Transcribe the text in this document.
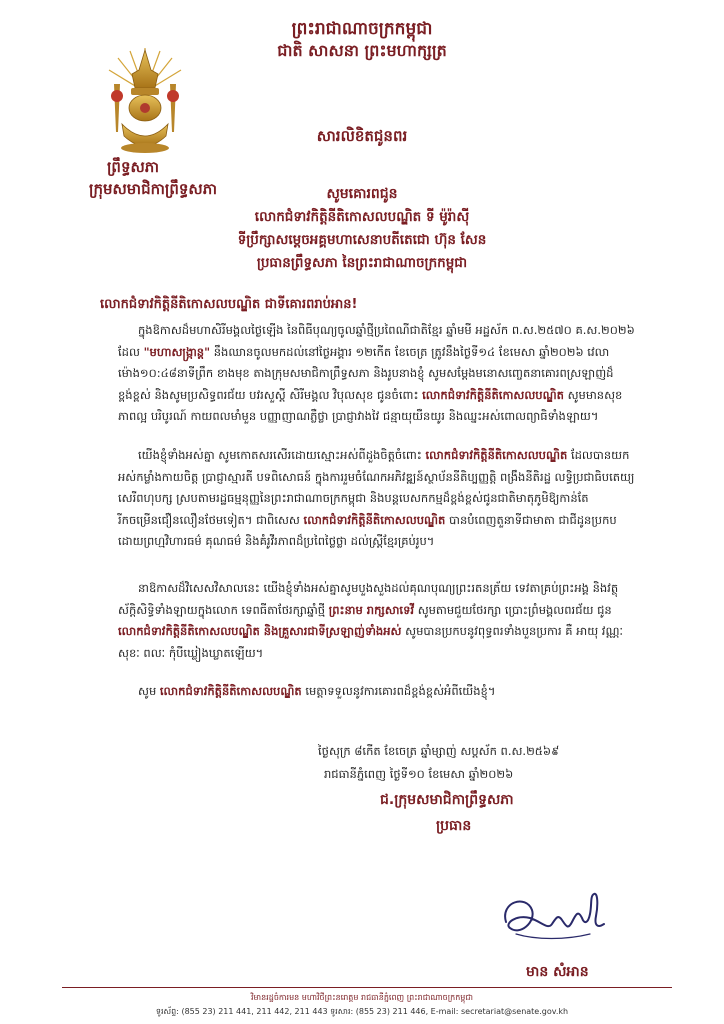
ព្រះរាជាណាចក្រកម្ពុជា
ជាតិ សាសនា ព្រះមហាក្សត្រ
ព្រឹទ្ធសភា
ក្រុមសមាជិកាព្រឹទ្ធសភា
សារលិខិតជូនពរ
សូមគោរពជូន
លោកជំទាវកិត្តិនីតិកោសលបណ្ឌិត ទី ម៉ូរ៉ាស៊ី
ទីប្រឹក្សាសម្តេចអគ្គមហាសេនាបតីតេជោ ហ៊ុន សែន
ប្រធានព្រឹទ្ធសភា នៃព្រះរាជាណាចក្រកម្ពុជា
លោកជំទាវកិត្តិនីតិកោសលបណ្ឌិត ជាទីគោរពរាប់អាន!
ក្នុងឱកាសដ៏មហាសិរីមង្គលថ្ងៃឡើង នៃពិធីបុណ្យចូលឆ្នាំថ្មីប្រពៃណីជាតិខ្មែរ ឆ្នាំមមី អដ្ឋស័ក ព.ស.២៥៧០ គ.ស.២០២៦ ដែល "មហាសង្ក្រាន្ត" នឹងឈានចូលមកដល់នៅថ្ងៃអង្គារ ១២កើត ខែចេត្រ ត្រូវនឹងថ្ងៃទី១៤ ខែមេសា ឆ្នាំ២០២៦ វេលាម៉ោង១០:៤៨នាទីព្រឹក ខាងមុខ តាងក្រុមសមាជិកាព្រឹទ្ធសភា និងរូបនាងខ្ញុំ សូមសម្តែងមនោសញ្ចេតនាគោរពស្រឡាញ់ដ៏ខ្ពង់ខ្ពស់ និងសូមប្រសិទ្ធពរជ័យ បវរសួស្តី សិរីមង្គល វិបុលសុខ ជូនចំពោះ លោកជំទាវកិត្តិនីតិកោសលបណ្ឌិត សូមមានសុខភាពល្អ បរិបូរណ៍ កាយពលមាំមួន បញ្ញាញាណភ្លឺថ្លា ប្រាជ្ញាវាងវៃ ជន្មាយុយឺនយូរ និងឈ្នះអស់ពោលព្យាធិទាំងឡាយ។
យើងខ្ញុំទាំងអស់គ្នា សូមកោតសរសើរដោយស្មោះអស់ពីដួងចិត្តចំពោះ លោកជំទាវកិត្តិនីតិកោសលបណ្ឌិត ដែលបានយកអស់កម្លាំងកាយចិត្ត ប្រាជ្ញាស្មារតី បទពិសោធន៍ ក្នុងការរួមចំណែកអភិវឌ្ឍន៍ស្ថាប័ននីតិប្បញ្ញត្តិ ពង្រឹងនីតិរដ្ឋ លទ្ធិប្រជាធិបតេយ្យ សេរីពហុបក្ស ស្របតាមរដ្ឋធម្មនុញ្ញនៃព្រះរាជាណាចក្រកម្ពុជា និងបន្តបេសកកម្មដ៏ខ្ពង់ខ្ពស់ជូនជាតិមាតុភូមិឱ្យកាន់តែរីកចម្រើនជឿនលឿនថែមទៀត។ ជាពិសេស លោកជំទាវកិត្តិនីតិកោសលបណ្ឌិត បានបំពេញតួនាទីជាមាតា ជាជីដូនប្រកបដោយព្រហ្មវិហារធម៌ គុណធម៌ និងគំរូវីរភាពដ៏ប្រពៃថ្លៃថ្លា ដល់ស្ត្រីខ្មែរគ្រប់រូប។
នាឱកាសដ៏វិសេសវិសាលនេះ យើងខ្ញុំទាំងអស់គ្នាសូមបួងសួងដល់គុណបុណ្យព្រះរតនត្រ័យ ទេវតាគ្រប់ព្រះអង្គ និងវត្ថុស័ក្តិសិទ្ធិទាំងឡាយក្នុងលោក ទេពធីតាថែរក្សាឆ្នាំថ្មី ព្រះនាម រាក្សសាទេវី សូមតាមជួយថែរក្សា ប្រោះព្រំមង្គលពរជ័យ ជូន លោកជំទាវកិត្តិនីតិកោសលបណ្ឌិត និងគ្រួសារជាទីស្រឡាញ់ទាំងអស់ សូមបានប្រកបនូវពុទ្ធពរទាំងបួនប្រការ គឺ អាយុ វណ្ណៈ សុខៈ ពលៈ កុំបីឃ្លៀងឃ្លាតឡើយ។
សូម លោកជំទាវកិត្តិនីតិកោសលបណ្ឌិត មេត្តាទទួលនូវការគោរពដ៏ខ្ពង់ខ្ពស់អំពីយើងខ្ញុំ។
ថ្ងៃសុក្រ ៨កើត ខែចេត្រ ឆ្នាំម្សាញ់ សប្តស័ក ព.ស.២៥៦៩
រាជធានីភ្នំពេញ ថ្ងៃទី១០ ខែមេសា ឆ្នាំ២០២៦
ជ.ក្រុមសមាជិកាព្រឹទ្ធសភា
ប្រធាន
មាន សំអាន
វិមានរដ្ឋចំការមន មហាវិថីព្រះនរោត្តម រាជធានីភ្នំពេញ ព្រះរាជាណាចក្រកម្ពុជា
ទូរស័ព្ទ: (855 23) 211 441, 211 442, 211 443 ទូរសារ: (855 23) 211 446, E-mail: secretariat@senate.gov.kh
